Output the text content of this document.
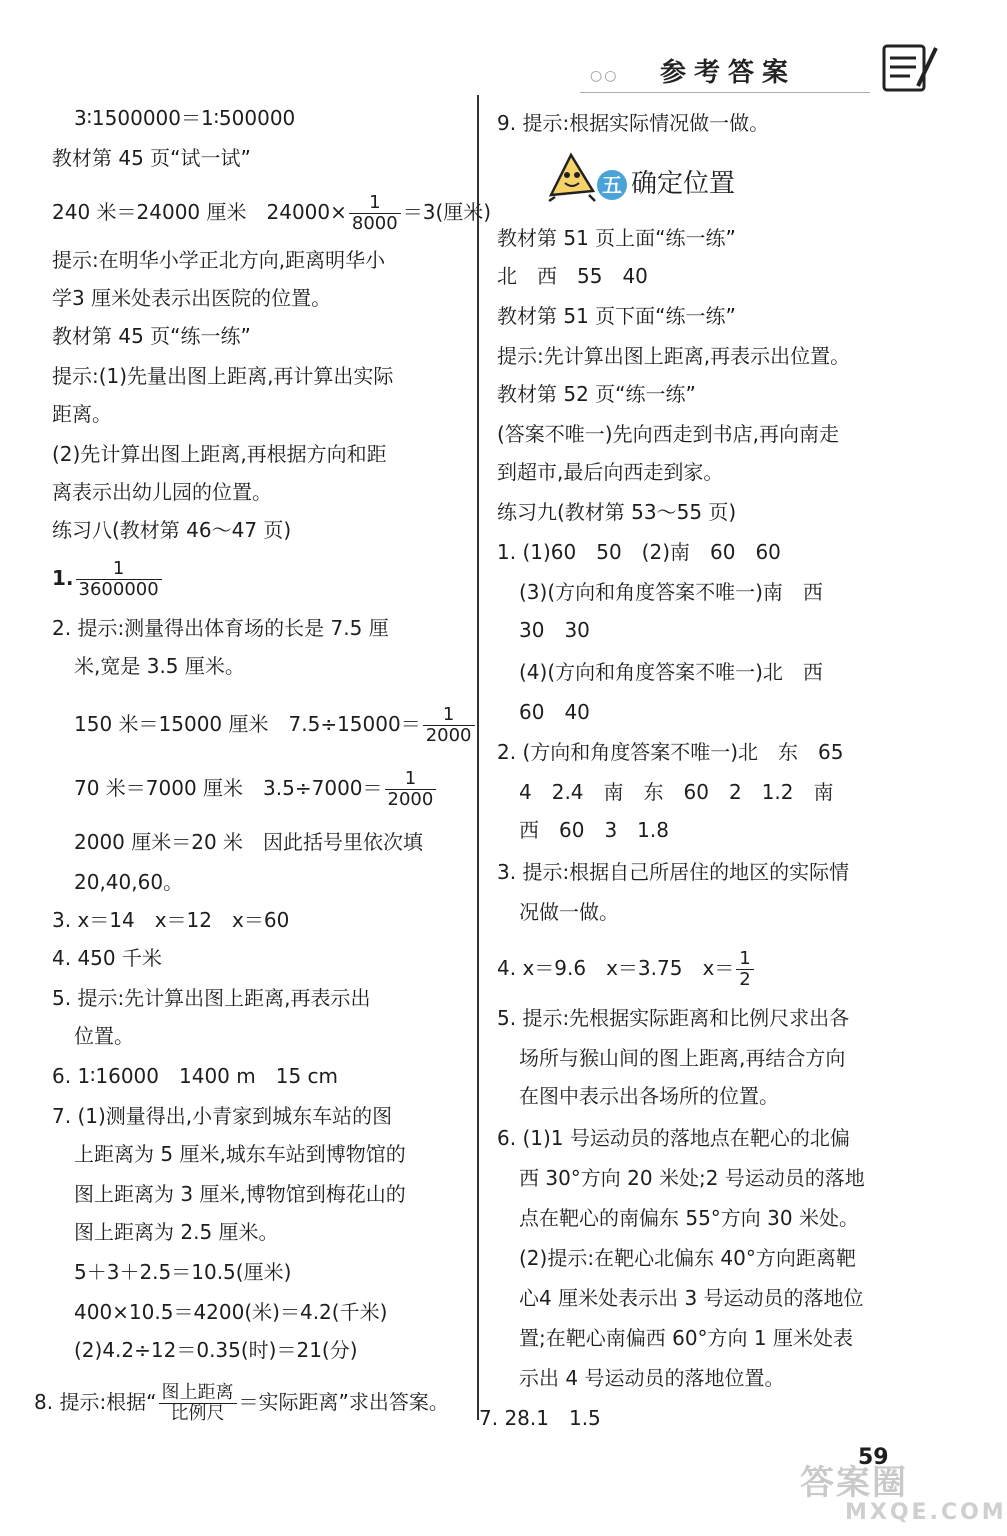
○○ 参考答案
3∶1500000＝1∶500000
教材第 45 页“试一试”
240 米＝24000 厘米　$24000\times \frac{1}{8000} =3$(厘米)
提示:在明华小学正北方向,距离明华小
学3 厘米处表示出医院的位置。
教材第 45 页“练一练”
提示:(1)先量出图上距离,再计算出实际
距离。
(2)先计算出图上距离,再根据方向和距
离表示出幼儿园的位置。
练习八(教材第 46～47 页)
1. $\frac{1}{3600000}$
2. 提示:测量得出体育场的长是 7.5 厘
米,宽是 3.5 厘米。
150 米＝15000 厘米　$7.5\div 15000= \frac{1}{2000}$
70 米＝7000 厘米　$3.5\div 7000= \frac{1}{2000}$
2000 厘米＝20 米　因此括号里依次填
20,40,60。
3. x＝14　x＝12　x＝60
4. 450 千米
5. 提示:先计算出图上距离,再表示出
位置。
6. 1∶16000　1400 m　15 cm
7. (1)测量得出,小青家到城东车站的图
上距离为 5 厘米,城东车站到博物馆的
图上距离为 3 厘米,博物馆到梅花山的
图上距离为 2.5 厘米。
5＋3＋2.5＝10.5(厘米)
400×10.5＝4200(米)＝4.2(千米)
(2)4.2÷12＝0.35(时)＝21(分)
8. 提示:根据“ $\frac{\text{图上距离}}{\text{比例尺}}$ ＝实际距离”求出答案。
9. 提示:根据实际情况做一做。
五 确定位置
教材第 51 页上面“练一练”
北　西　55　40
教材第 51 页下面“练一练”
提示:先计算出图上距离,再表示出位置。
教材第 52 页“练一练”
(答案不唯一)先向西走到书店,再向南走
到超市,最后向西走到家。
练习九(教材第 53～55 页)
1. (1)60　50　(2)南　60　60
(3)(方向和角度答案不唯一)南　西
30　30
(4)(方向和角度答案不唯一)北　西
60　40
2. (方向和角度答案不唯一)北　东　65
4　2.4　南　东　60　2　1.2　南
西　60　3　1.8
3. 提示:根据自己所居住的地区的实际情
况做一做。
4. x＝9.6　x＝3.75　$x= \frac{1}{2}$
5. 提示:先根据实际距离和比例尺求出各
场所与猴山间的图上距离,再结合方向
在图中表示出各场所的位置。
6. (1)1 号运动员的落地点在靶心的北偏
西 30°方向 20 米处;2 号运动员的落地
点在靶心的南偏东 55°方向 30 米处。
(2)提示:在靶心北偏东 40°方向距离靶
心4 厘米处表示出 3 号运动员的落地位
置;在靶心南偏西 60°方向 1 厘米处表
示出 4 号运动员的落地位置。
7. 28.1　1.5
答案圈
MXQE.COM
59
